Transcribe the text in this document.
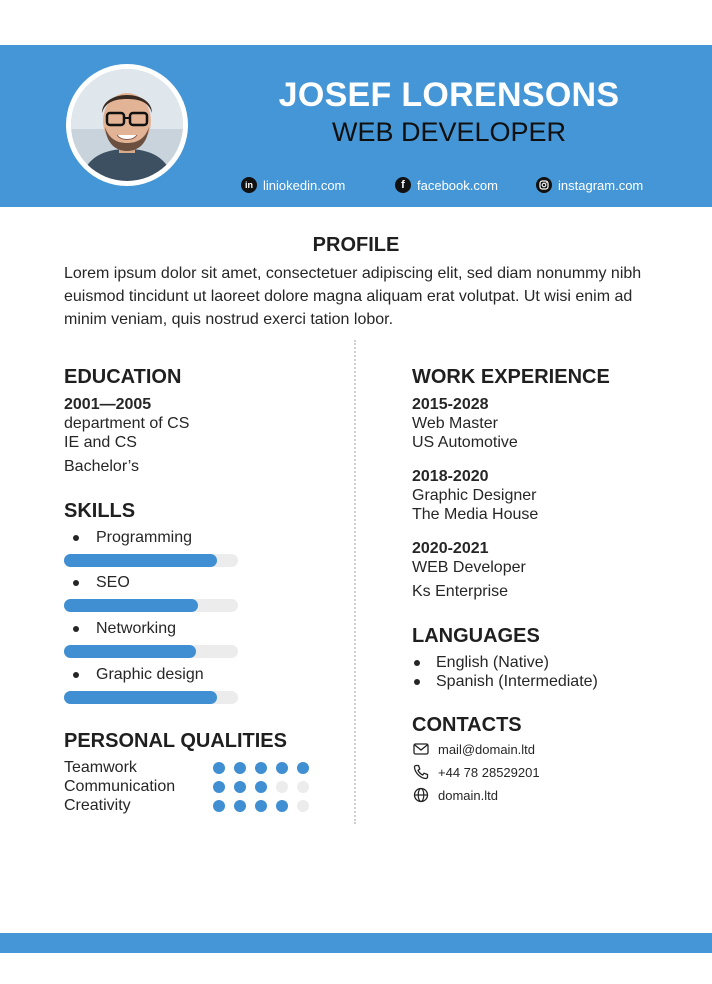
JOSEF LORENSONS
WEB DEVELOPER
in liniokedin.com	f facebook.com	instagram.com
PROFILE
Lorem ipsum dolor sit amet, consectetuer adipiscing elit, sed diam nonummy nibh euismod tincidunt ut laoreet dolore magna aliquam erat volutpat. Ut wisi enim ad minim veniam, quis nostrud exerci tation lobor.
EDUCATION
2001—2005
department of CS
IE and CS
Bachelor’s
SKILLS
Programming
SEO
Networking
Graphic design
PERSONAL QUALITIES
Teamwork
Communication
Creativity
WORK EXPERIENCE
2015-2028
Web Master
US Automotive
2018-2020
Graphic Designer
The Media House
2020-2021
WEB Developer
Ks Enterprise
LANGUAGES
English (Native)
Spanish (Intermediate)
CONTACTS
mail@domain.ltd
+44 78 28529201
domain.ltd
